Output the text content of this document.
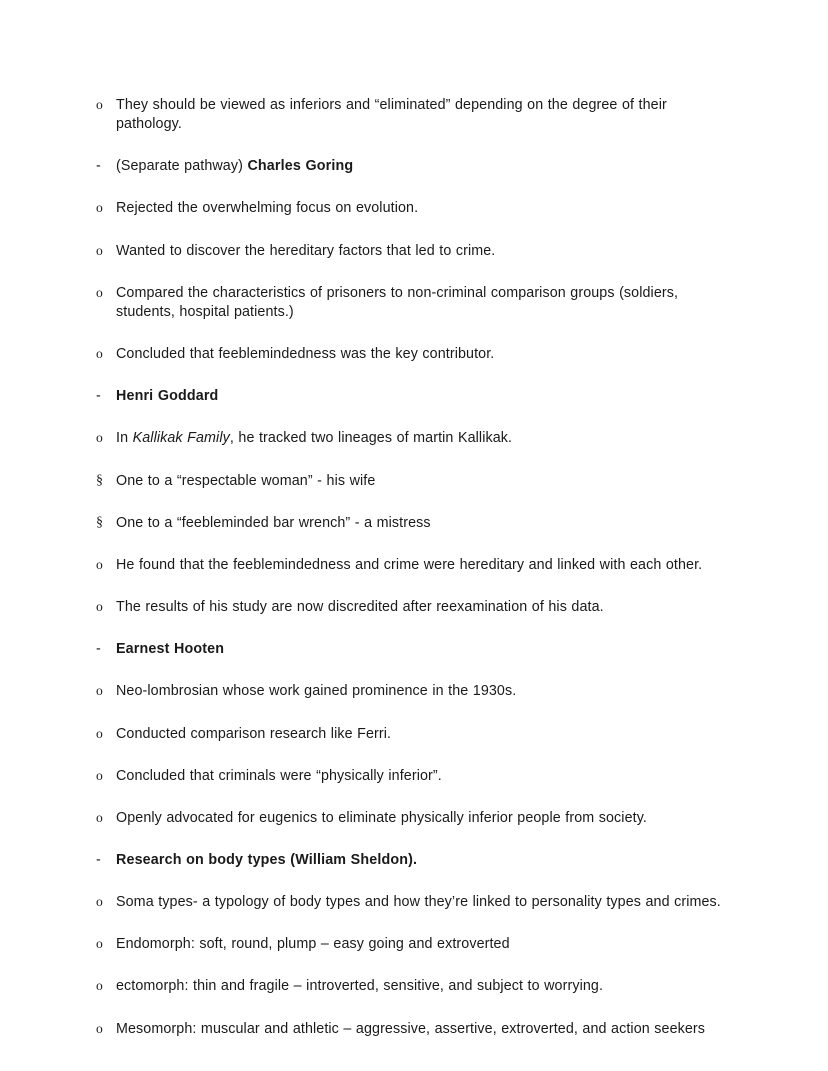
o They should be viewed as inferiors and “eliminated” depending on the degree of their pathology.
-	(Separate pathway) Charles Goring
o Rejected the overwhelming focus on evolution.
o Wanted to discover the hereditary factors that led to crime.
o Compared the characteristics of prisoners to non-criminal comparison groups (soldiers, students, hospital patients.)
o Concluded that feeblemindedness was the key contributor.
-	Henri Goddard
o In Kallikak Family, he tracked two lineages of martin Kallikak.
§ One to a “respectable woman” - his wife
§ One to a “feebleminded bar wrench” - a mistress
o He found that the feeblemindedness and crime were hereditary and linked with each other.
o The results of his study are now discredited after reexamination of his data.
-	Earnest Hooten
o Neo-lombrosian whose work gained prominence in the 1930s.
o Conducted comparison research like Ferri.
o Concluded that criminals were “physically inferior”.
o Openly advocated for eugenics to eliminate physically inferior people from society.
-	Research on body types (William Sheldon).
o Soma types- a typology of body types and how they’re linked to personality types and crimes.
o Endomorph: soft, round, plump – easy going and extroverted
o ectomorph: thin and fragile – introverted, sensitive, and subject to worrying.
o Mesomorph: muscular and athletic – aggressive, assertive, extroverted, and action seekers
